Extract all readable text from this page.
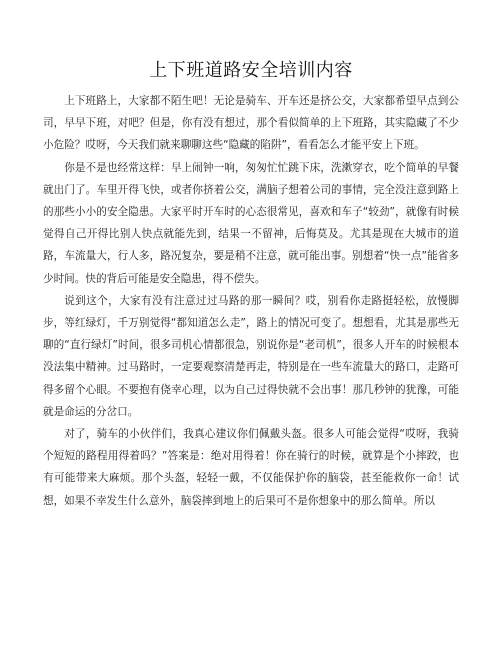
上下班道路安全培训内容

上下班路上，大家都不陌生吧！无论是骑车、开车还是挤公交，大家都希望早点到公司，早早下班，对吧？但是，你有没有想过，那个看似简单的上下班路，其实隐藏了不少小危险？哎呀，今天我们就来聊聊这些“隐藏的陷阱”，看看怎么才能平安上下班。

你是不是也经常这样：早上闹钟一响，匆匆忙忙跳下床，洗漱穿衣，吃个简单的早餐就出门了。车里开得飞快，或者你挤着公交，满脑子想着公司的事情，完全没注意到路上的那些小小的安全隐患。大家平时开车时的心态很常见，喜欢和车子“较劲”，就像有时候觉得自己开得比别人快点就能先到，结果一不留神，后悔莫及。尤其是现在大城市的道路，车流量大，行人多，路况复杂，要是稍不注意，就可能出事。别想着“快一点”能省多少时间。快的背后可能是安全隐患，得不偿失。

说到这个，大家有没有注意过过马路的那一瞬间？哎，别看你走路挺轻松，放慢脚步，等红绿灯，千万别觉得“都知道怎么走”，路上的情况可变了。想想看，尤其是那些无聊的“直行绿灯”时间，很多司机心情都很急，别说你是“老司机”，很多人开车的时候根本没法集中精神。过马路时，一定要观察清楚再走，特别是在一些车流量大的路口，走路可得多留个心眼。不要抱有侥幸心理，以为自己过得快就不会出事！那几秒钟的犹豫，可能就是命运的分岔口。

对了，骑车的小伙伴们，我真心建议你们佩戴头盔。很多人可能会觉得“哎呀，我骑个短短的路程用得着吗？”答案是：绝对用得着！你在骑行的时候，就算是个小摔跤，也有可能带来大麻烦。那个头盔，轻轻一戴，不仅能保护你的脑袋，甚至能救你一命！试想，如果不幸发生什么意外，脑袋摔到地上的后果可不是你想象中的那么简单。所以
